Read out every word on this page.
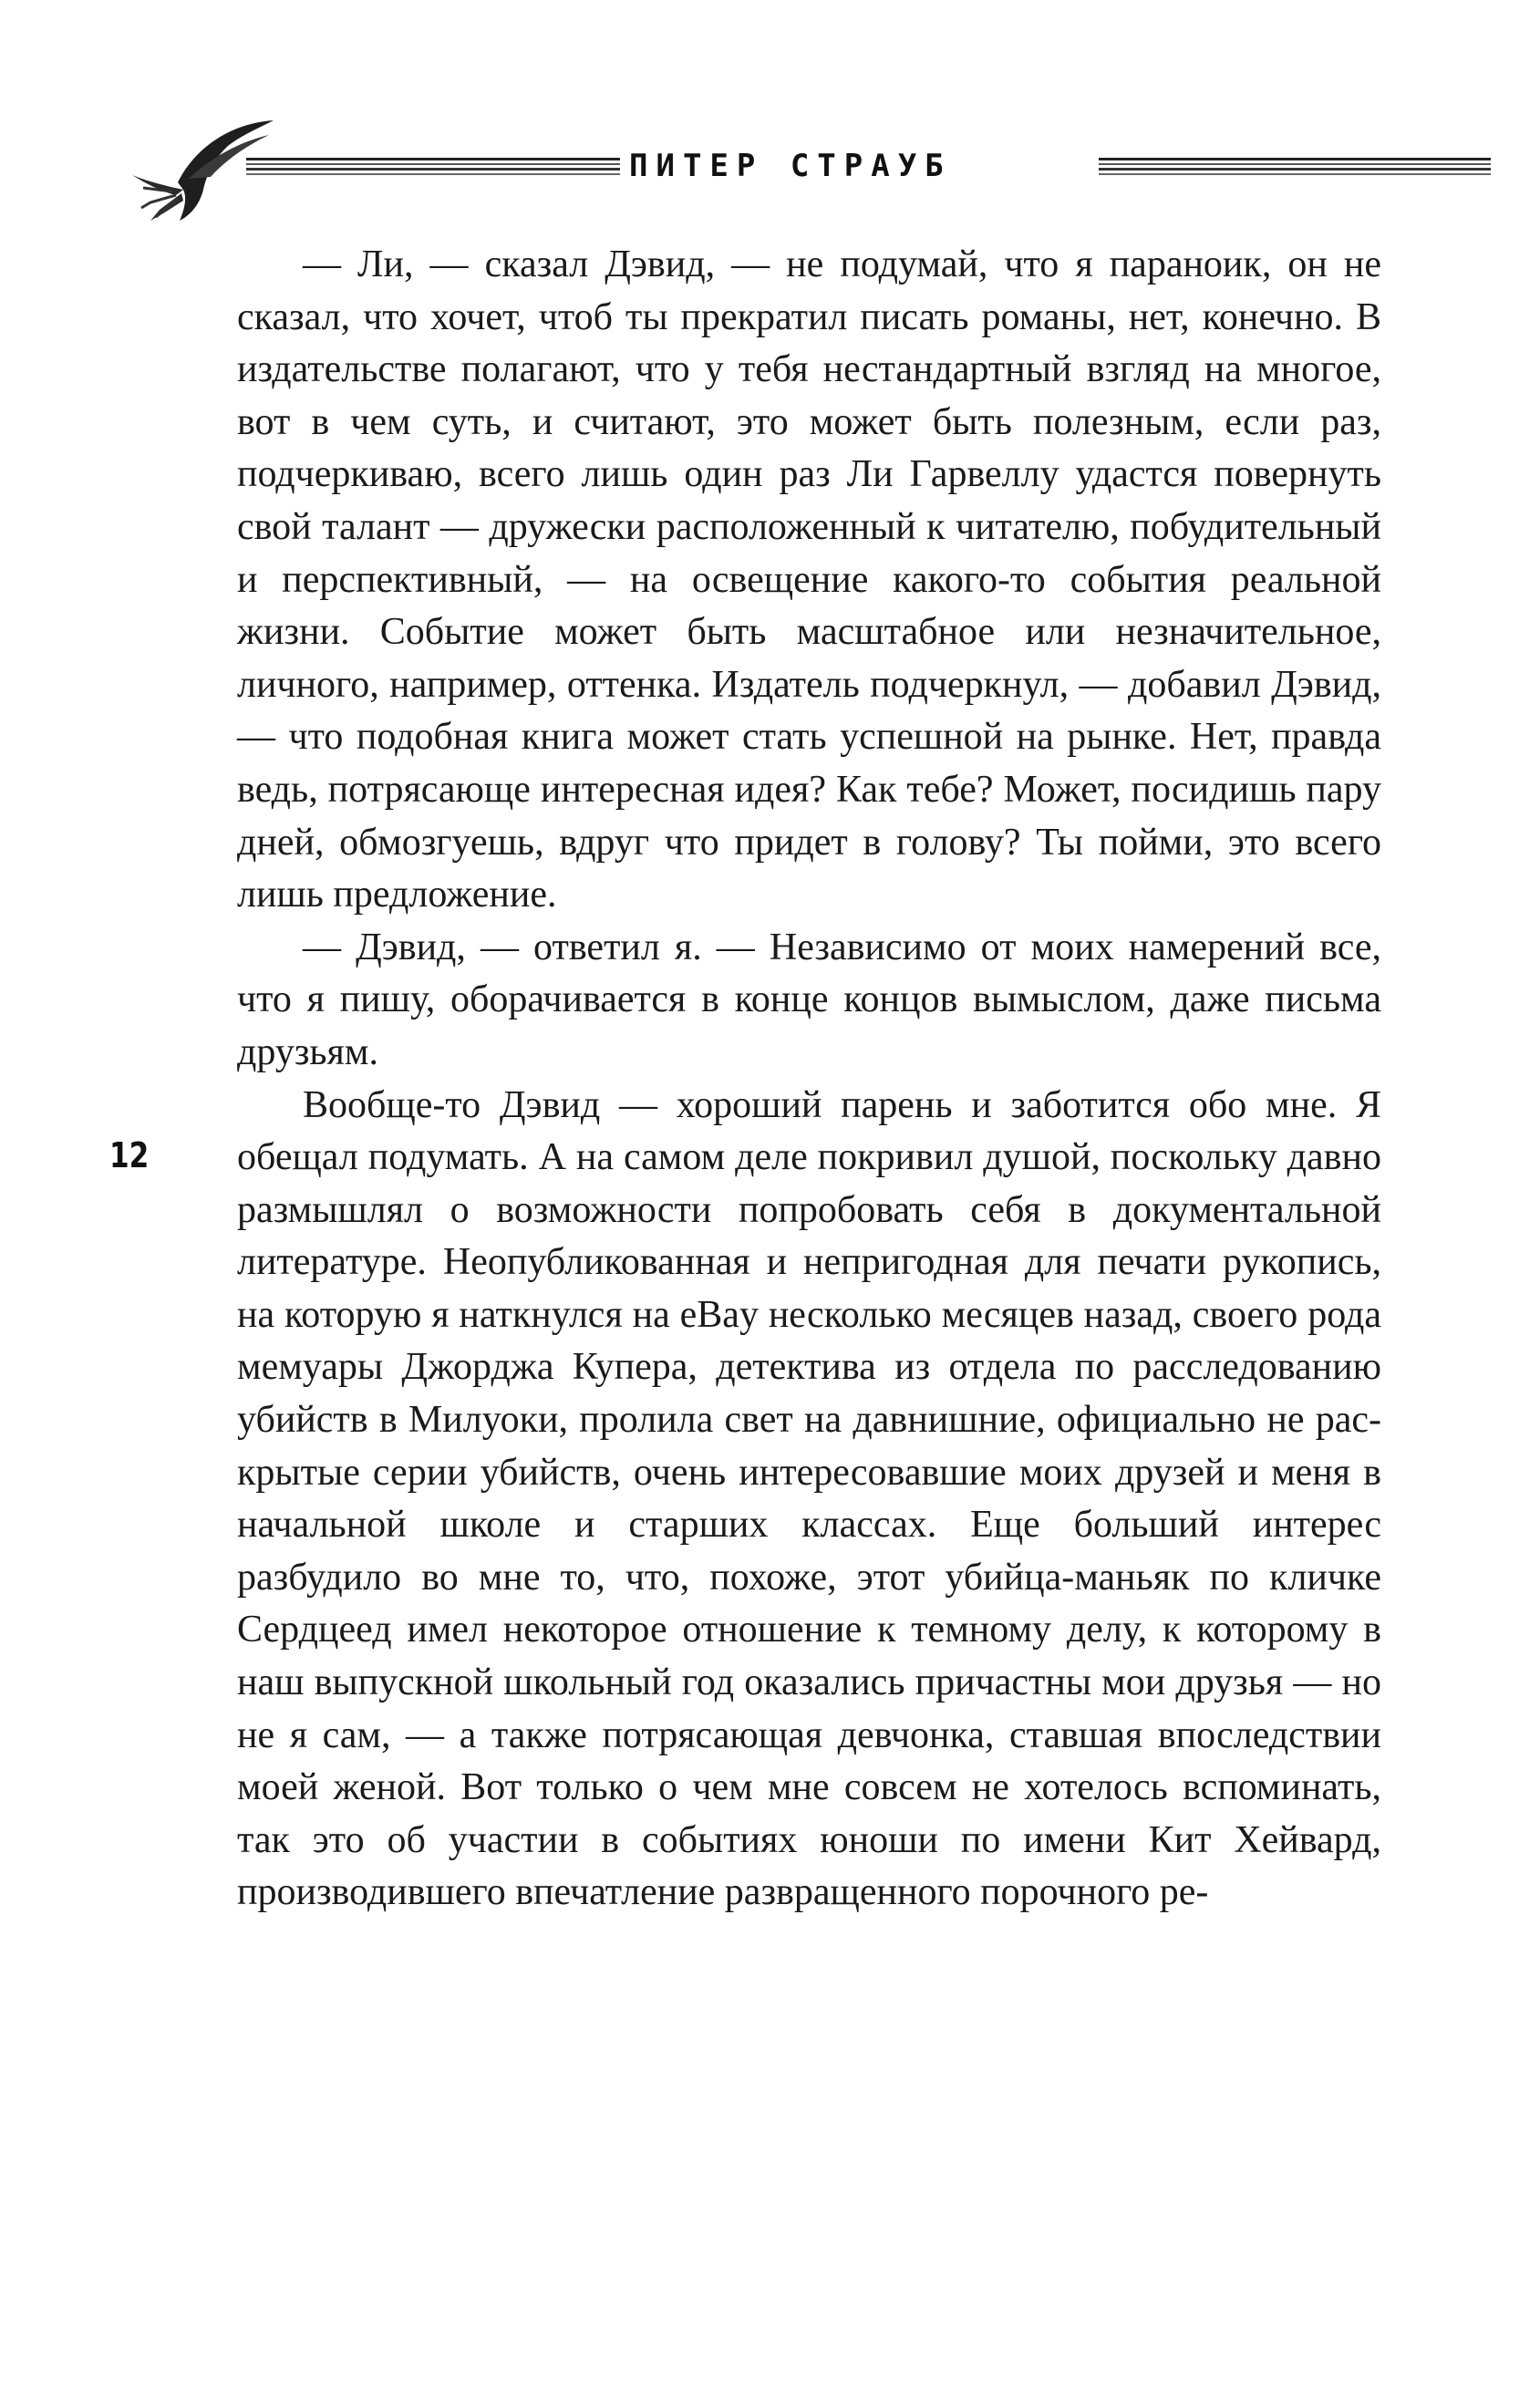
ПИТЕР СТРАУБ
12

— Ли, — сказал Дэвид, — не подумай, что я параноик, он не сказал, что хочет, чтоб ты прекратил писать романы, нет, конечно. В издательстве полагают, что у тебя нестандартный взгляд на многое, вот в чем суть, и считают, это может быть полезным, если раз, подчеркиваю, всего лишь один раз Ли Гарвеллу удастся повернуть свой талант — дружески расположенный к читателю, побудительный и перспективный, — на освещение какого-то события реальной жизни. Событие может быть масштабное или незначительное, личного, например, оттенка. Издатель подчеркнул, — добавил Дэвид, — что подобная книга может стать успешной на рынке. Нет, правда ведь, потрясающе интересная идея? Как тебе? Может, посидишь пару дней, обмозгуешь, вдруг что придет в голову? Ты пойми, это всего лишь предложение.

— Дэвид, — ответил я. — Независимо от моих намерений все, что я пишу, оборачивается в конце концов вымыслом, даже письма друзьям.

Вообще-то Дэвид — хороший парень и заботится обо мне. Я обещал подумать. А на самом деле покривил душой, поскольку давно размышлял о возможности попробовать себя в документальной литературе. Неопубликованная и непригодная для печати рукопись, на которую я наткнулся на eBay несколько месяцев назад, своего рода мемуары Джорджа Купера, детектива из отдела по расследованию убийств в Милуоки, пролила свет на давнишние, официально не раскрытые серии убийств, очень интересовавшие моих друзей и меня в начальной школе и старших классах. Еще больший интерес разбудило во мне то, что, похоже, этот убийца-маньяк по кличке Сердцеед имел некоторое отношение к темному делу, к которому в наш выпускной школьный год оказались причастны мои друзья — но не я сам, — а также потрясающая девчонка, ставшая впоследствии моей женой. Вот только о чем мне совсем не хотелось вспоминать, так это об участии в событиях юноши по имени Кит Хейвард, производившего впечатление развращенного порочного ре-
